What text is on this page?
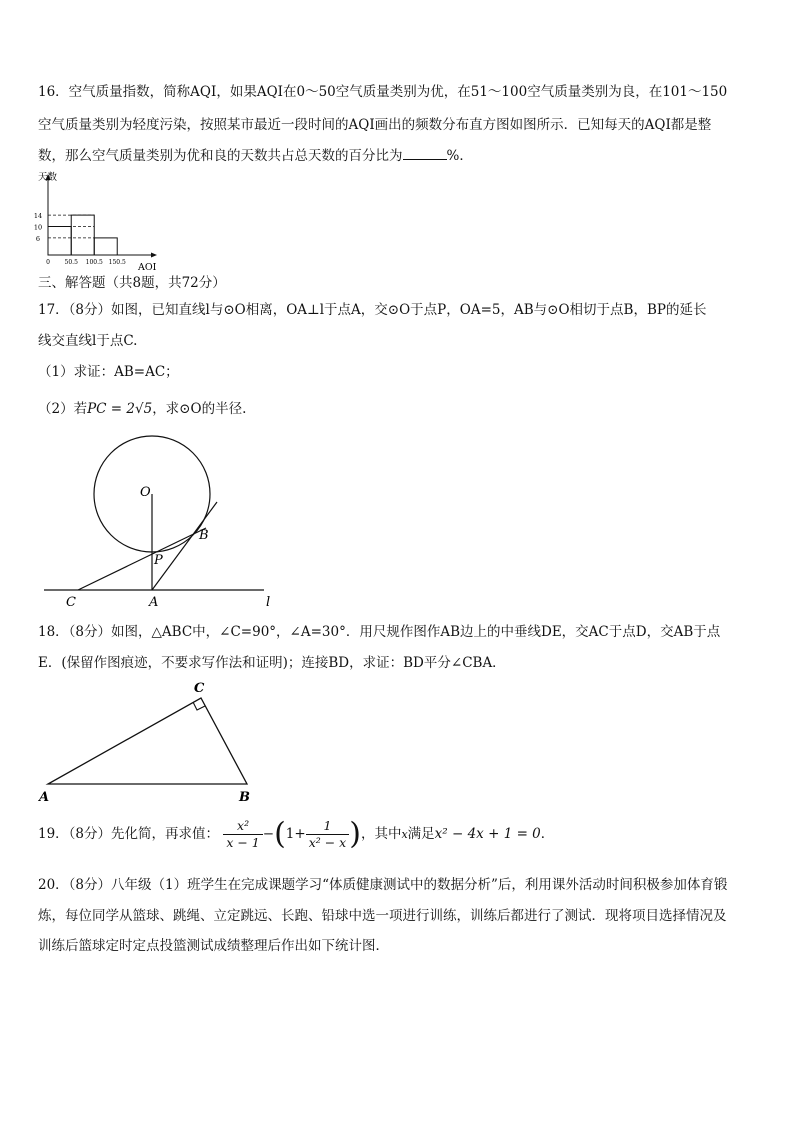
16．空气质量指数，简称AQI，如果AQI在0～50空气质量类别为优，在51～100空气质量类别为良，在101～150
空气质量类别为轻度污染，按照某市最近一段时间的AQI画出的频数分布直方图如图所示．已知每天的AQI都是整
数，那么空气质量类别为优和良的天数共占总天数的百分比为	%．
14
10
6
0 50.5 100.5 150.5
天数
AQI
三、解答题（共8题，共72分）
17．（8分）如图，已知直线l与⊙O相离，OA⊥l于点A，交⊙O于点P，OA=5，AB与⊙O相切于点B，BP的延长
线交直线l于点C.
（1）求证：AB=AC；
（2）若PC = 2√5，求⊙O的半径.
O
B
P
C	A	l
18．（8分）如图，△ABC中，∠C=90°，∠A=30°．用尺规作图作AB边上的中垂线DE，交AC于点D，交AB于点
E．(保留作图痕迹，不要求写作法和证明)；连接BD，求证：BD平分∠CBA．
C
A	B
19．（8分）先化简，再求值： $\frac{\text{x²}}{x - 1} -(1+ \frac{1}{\text{x² − x}}$ )，其中x满足x² − 4x + 1 = 0．
20．（8分）八年级（1）班学生在完成课题学习“体质健康测试中的数据分析”后，利用课外活动时间积极参加体育锻
炼，每位同学从篮球、跳绳、立定跳远、长跑、铅球中选一项进行训练，训练后都进行了测试．现将项目选择情况及
训练后篮球定时定点投篮测试成绩整理后作出如下统计图．
